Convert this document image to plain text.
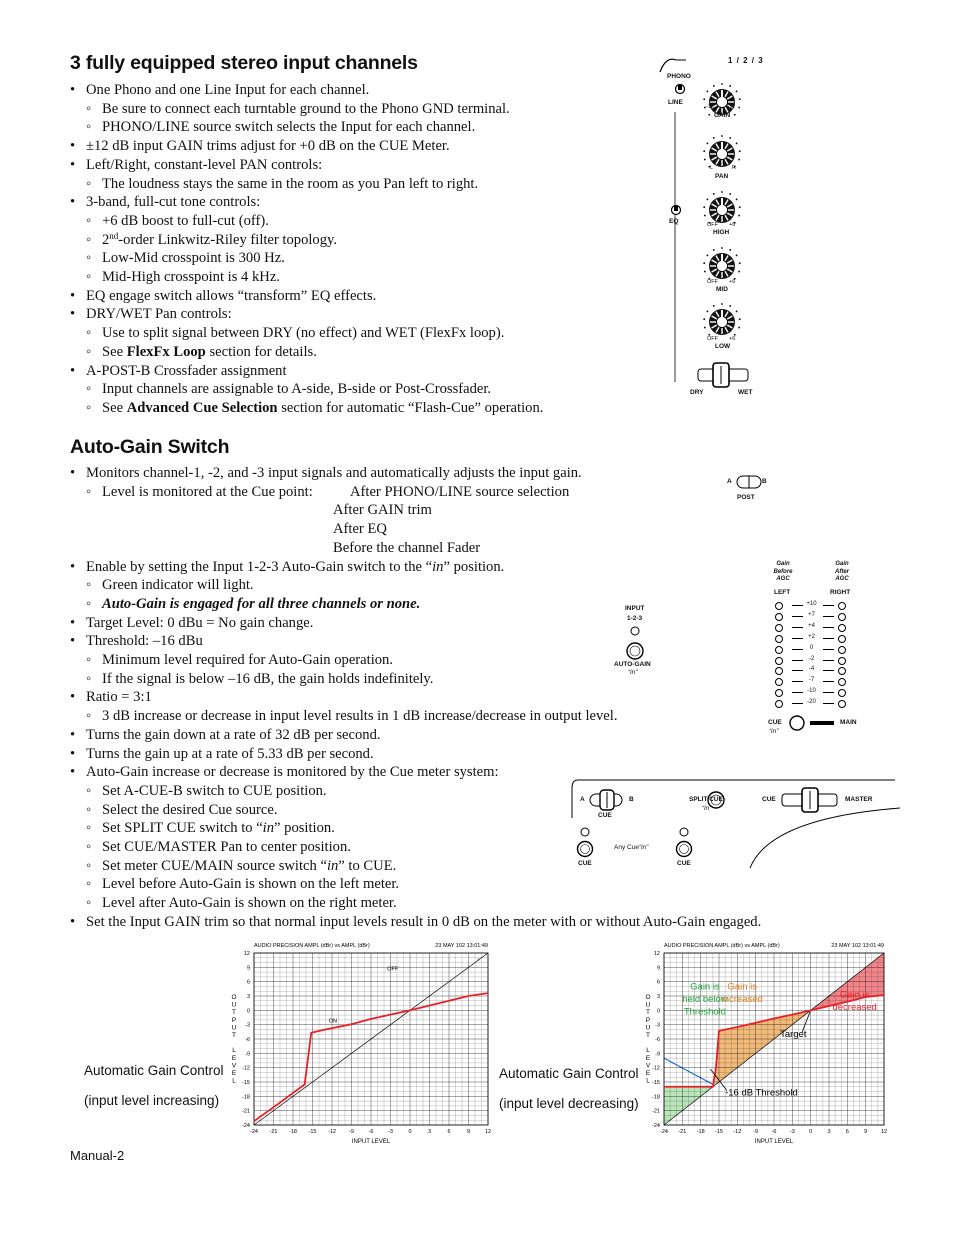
3 fully equipped stereo input channels
• One Phono and one Line Input for each channel.
◦ Be sure to connect each turntable ground to the Phono GND terminal.
◦ PHONO/LINE source switch selects the Input for each channel.
• ±12 dB input GAIN trims adjust for +0 dB on the CUE Meter.
• Left/Right, constant-level PAN controls:
◦ The loudness stays the same in the room as you Pan left to right.
• 3-band, full-cut tone controls:
◦ +6 dB boost to full-cut (off).
◦ 2nd-order Linkwitz-Riley filter topology.
◦ Low-Mid crosspoint is 300 Hz.
◦ Mid-High crosspoint is 4 kHz.
• EQ engage switch allows “transform” EQ effects.
• DRY/WET Pan controls:
◦ Use to split signal between DRY (no effect) and WET (FlexFx loop).
◦ See FlexFx Loop section for details.
• A-POST-B Crossfader assignment
◦ Input channels are assignable to A-side, B-side or Post-Crossfader.
◦ See Advanced Cue Selection section for automatic “Flash-Cue” operation.
Auto-Gain Switch
• Monitors channel-1, -2, and -3 input signals and automatically adjusts the input gain.
◦ Level is monitored at the Cue point:	After PHONO/LINE source selection
After GAIN trim
After EQ
Before the channel Fader
• Enable by setting the Input 1-2-3 Auto-Gain switch to the “in” position.
◦ Green indicator will light.
◦ Auto-Gain is engaged for all three channels or none.
• Target Level: 0 dBu = No gain change.
• Threshold: –16 dBu
◦ Minimum level required for Auto-Gain operation.
◦ If the signal is below –16 dB, the gain holds indefinitely.
• Ratio = 3:1
◦ 3 dB increase or decrease in input level results in 1 dB increase/decrease in output level.
• Turns the gain down at a rate of 32 dB per second.
• Turns the gain up at a rate of 5.33 dB per second.
• Auto-Gain increase or decrease is monitored by the Cue meter system:
◦ Set A-CUE-B switch to CUE position.
◦ Select the desired Cue source.
◦ Set SPLIT CUE switch to “in” position.
◦ Set CUE/MASTER Pan to center position.
◦ Set meter CUE/MAIN source switch “in” to CUE.
◦ Level before Auto-Gain is shown on the left meter.
◦ Level after Auto-Gain is shown on the right meter.
• Set the Input GAIN trim so that normal input levels result in 0 dB on the meter with or without Auto-Gain engaged.
1 / 2 / 3
PHONO
LINE
-12 +12
GAIN
L	R
PAN
EQ	OFF +6
HIGH
OFF +6
MID
OFF +6
LOW
DRY	WET
A	B
POST
Gain
Before
AGC
Gain
After
AGC
LEFT	RIGHT
+10
+7
+4
+2
0
-2
-4
-7
-10
-20
CUE
“in”
MAIN
INPUT
1-2-3
AUTO-GAIN
“in”
A	B
CUE
SPLIT CUE
“in”
CUE	MASTER
Any Cue“in”
CUE	CUE
AUDIO PRECISION AMPL (dBr) vs AMPL (dBr)	23 MAY 102 13:01:49
-24 -21 -18 -15 -12 -9	-6	-3	0	3	6	9	12
12
9
6
3
0
-3
-6
-9
-12
-15
-18
-21
-24
INPUT LEVEL
O
U
T
P
U
T
L
E
V
E
L
OFF
ON
◇
AUDIO PRECISION AMPL (dBr) vs AMPL (dBr)	23 MAY 102 13:01:49
-24 -21 -18 -15 -12 -9 -6 -3	0	3	6	9 12
12
9
6
3
0
-3
-6
-9
-12
-15
-18
-21
-24
INPUT LEVEL
O
U
T
P
U
T
L
E
V
E
L
Gain is held below Threshold
Gain is increased	Gain is decreased
Target
-16 dB Threshold
Automatic Gain Control
(input level increasing)
Automatic Gain Control
(input level decreasing)
Manual-2
